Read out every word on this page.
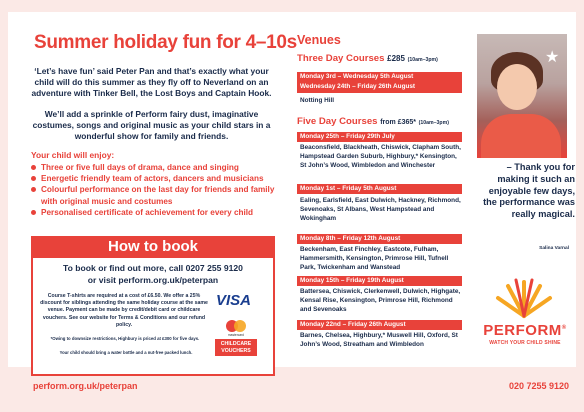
Summer holiday fun for 4–10s
‘Let’s have fun’ said Peter Pan and that’s exactly what your child will do this summer as they fly off to Neverland on an adventure with Tinker Bell, the Lost Boys and Captain Hook.
We’ll add a sprinkle of Perform fairy dust, imaginative costumes, songs and original music as your child stars in a wonderful show for family and friends.
Your child will enjoy:
Three or five full days of drama, dance and singing
Energetic friendly team of actors, dancers and musicians
Colourful performance on the last day for friends and family with original music and costumes
Personalised certificate of achievement for every child
How to book
To book or find out more, call 0207 255 9120
or visit perform.org.uk/peterpan
Course T-shirts are required at a cost of £6.50. We offer a 25% discount for siblings attending the same holiday course at the same venue. Payment can be made by credit/debit card or childcare vouchers. See our website for Terms & Conditions and our refund policy.
*Owing to downsize restrictions, Highbury is priced at £300 for five days.
Your child should bring a water bottle and a nut-free packed lunch.
VISA
mastercard
CHILDCARE VOUCHERS
Venues
Three Day Courses £285 (10am–3pm)
Monday 3rd – Wednesday 5th August
Wednesday 24th – Friday 26th August
Notting Hill
Five Day Courses from £365* (10am–3pm)
Monday 25th – Friday 29th July
Beaconsfield, Blackheath, Chiswick, Clapham South, Hampstead Garden Suburb, Highbury,* Kensington, St John’s Wood, Wimbledon and Winchester
Monday 1st – Friday 5th August
Ealing, Earlsfield, East Dulwich, Hackney, Richmond, Sevenoaks, St Albans, West Hampstead and Wokingham
Monday 8th – Friday 12th August
Beckenham, East Finchley, Eastcote, Fulham, Hammersmith, Kensington, Primrose Hill, Tufnell Park, Twickenham and Wanstead
Monday 15th – Friday 19th August
Battersea, Chiswick, Clerkenwell, Dulwich, Highgate, Kensal Rise, Kensington, Primrose Hill, Richmond and Sevenoaks
Monday 22nd – Friday 26th August
Barnes, Chelsea, Highbury,* Muswell Hill, Oxford, St John’s Wood, Streatham and Wimbledon
★
– Thank you for making it such an enjoyable few days, the performance was really magical.
Salina Varnal
PERFORM®
WATCH YOUR CHILD SHINE
perform.org.uk/peterpan	020 7255 9120
